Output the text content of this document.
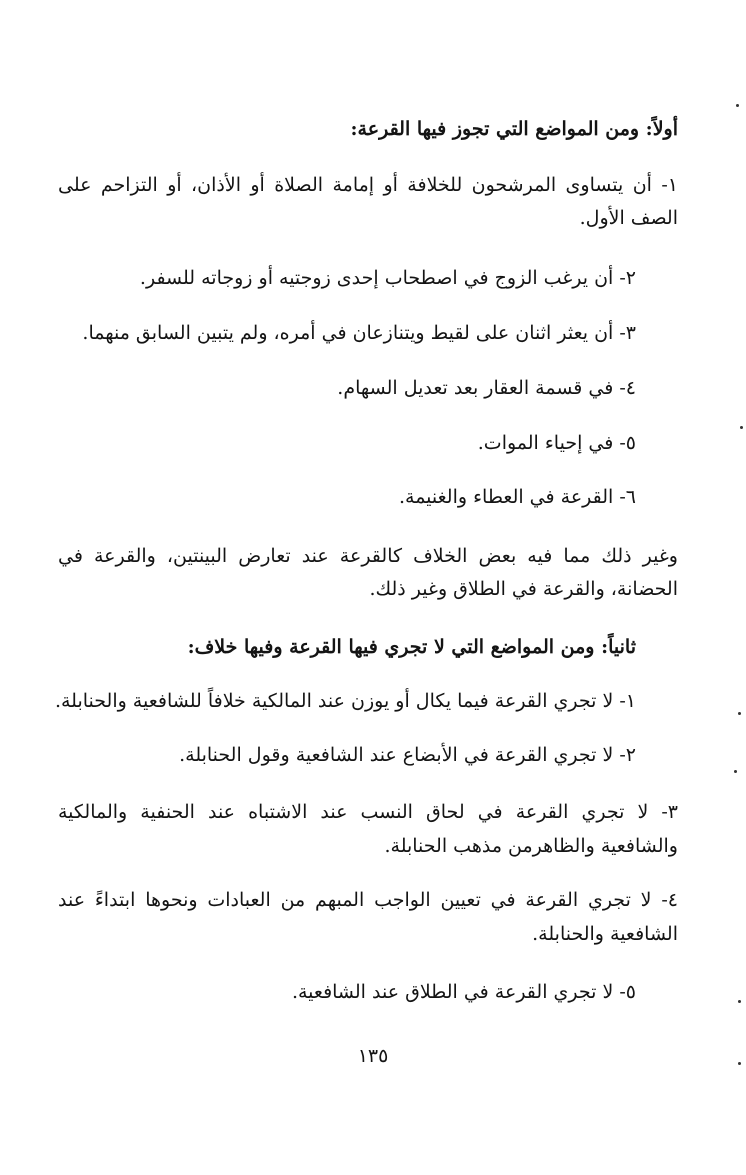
أولاً: ومن المواضع التي تجوز فيها القرعة:
١- أن يتساوى المرشحون للخلافة أو إمامة الصلاة أو الأذان، أو التزاحم على
الصف الأول.
٢- أن يرغب الزوج في اصطحاب إحدى زوجتيه أو زوجاته للسفر.
٣- أن يعثر اثنان على لقيط ويتنازعان في أمره، ولم يتبين السابق منهما.
٤- في قسمة العقار بعد تعديل السهام.
٥- في إحياء الموات.
٦- القرعة في العطاء والغنيمة.
وغير ذلك مما فيه بعض الخلاف كالقرعة عند تعارض البينتين، والقرعة في
الحضانة، والقرعة في الطلاق وغير ذلك.
ثانياً: ومن المواضع التي لا تجري فيها القرعة وفيها خلاف:
١- لا تجري القرعة فيما يكال أو يوزن عند المالكية خلافاً للشافعية والحنابلة.
٢- لا تجري القرعة في الأبضاع عند الشافعية وقول الحنابلة.
٣- لا تجري القرعة في لحاق النسب عند الاشتباه عند الحنفية والمالكية
والشافعية والظاهرمن مذهب الحنابلة.
٤- لا تجري القرعة في تعيين الواجب المبهم من العبادات ونحوها ابتداءً عند
الشافعية والحنابلة.
٥- لا تجري القرعة في الطلاق عند الشافعية.
١٣٥
